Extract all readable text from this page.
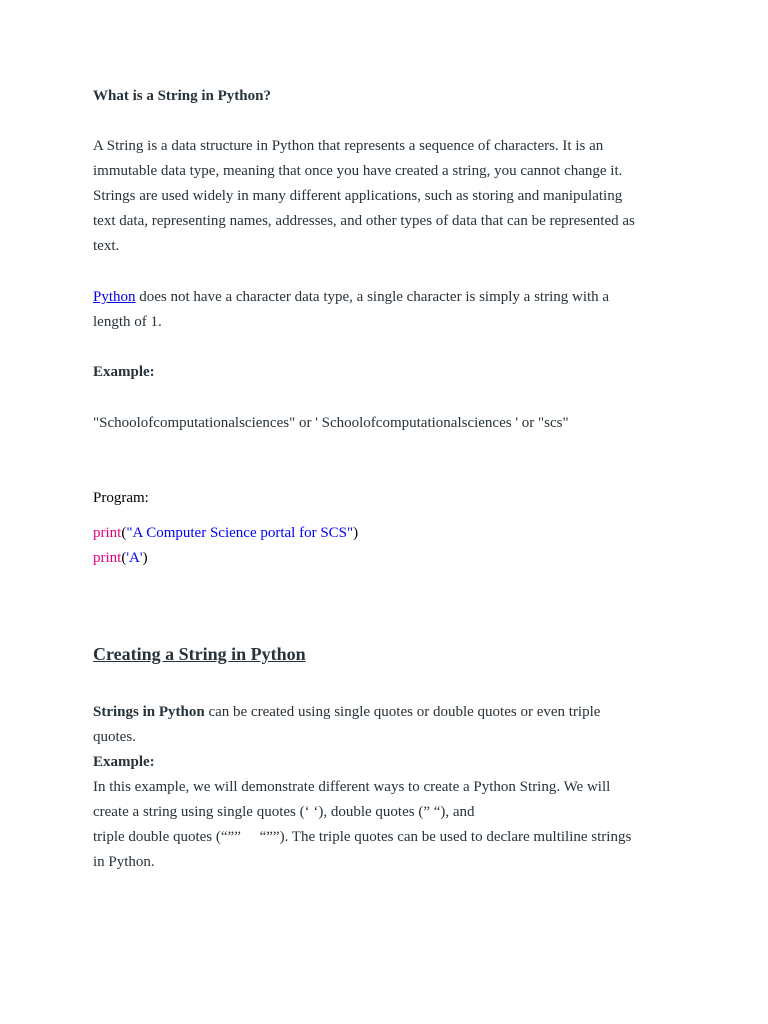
What is a String in Python?
A String is a data structure in Python that represents a sequence of characters. It is an
immutable data type, meaning that once you have created a string, you cannot change it.
Strings are used widely in many different applications, such as storing and manipulating
text data, representing names, addresses, and other types of data that can be represented as
text.
Python does not have a character data type, a single character is simply a string with a
length of 1.
Example:
"Schoolofcomputationalsciences" or ' Schoolofcomputationalsciences ' or "scs"
Program:
print("A Computer Science portal for SCS")
print('A')
Creating a String in Python
Strings in Python can be created using single quotes or double quotes or even triple
quotes.
Example:
In this example, we will demonstrate different ways to create a Python String. We will
create a string using single quotes (‘ ‘), double quotes (” “), and
triple double quotes (“””     “””). The triple quotes can be used to declare multiline strings
in Python.
